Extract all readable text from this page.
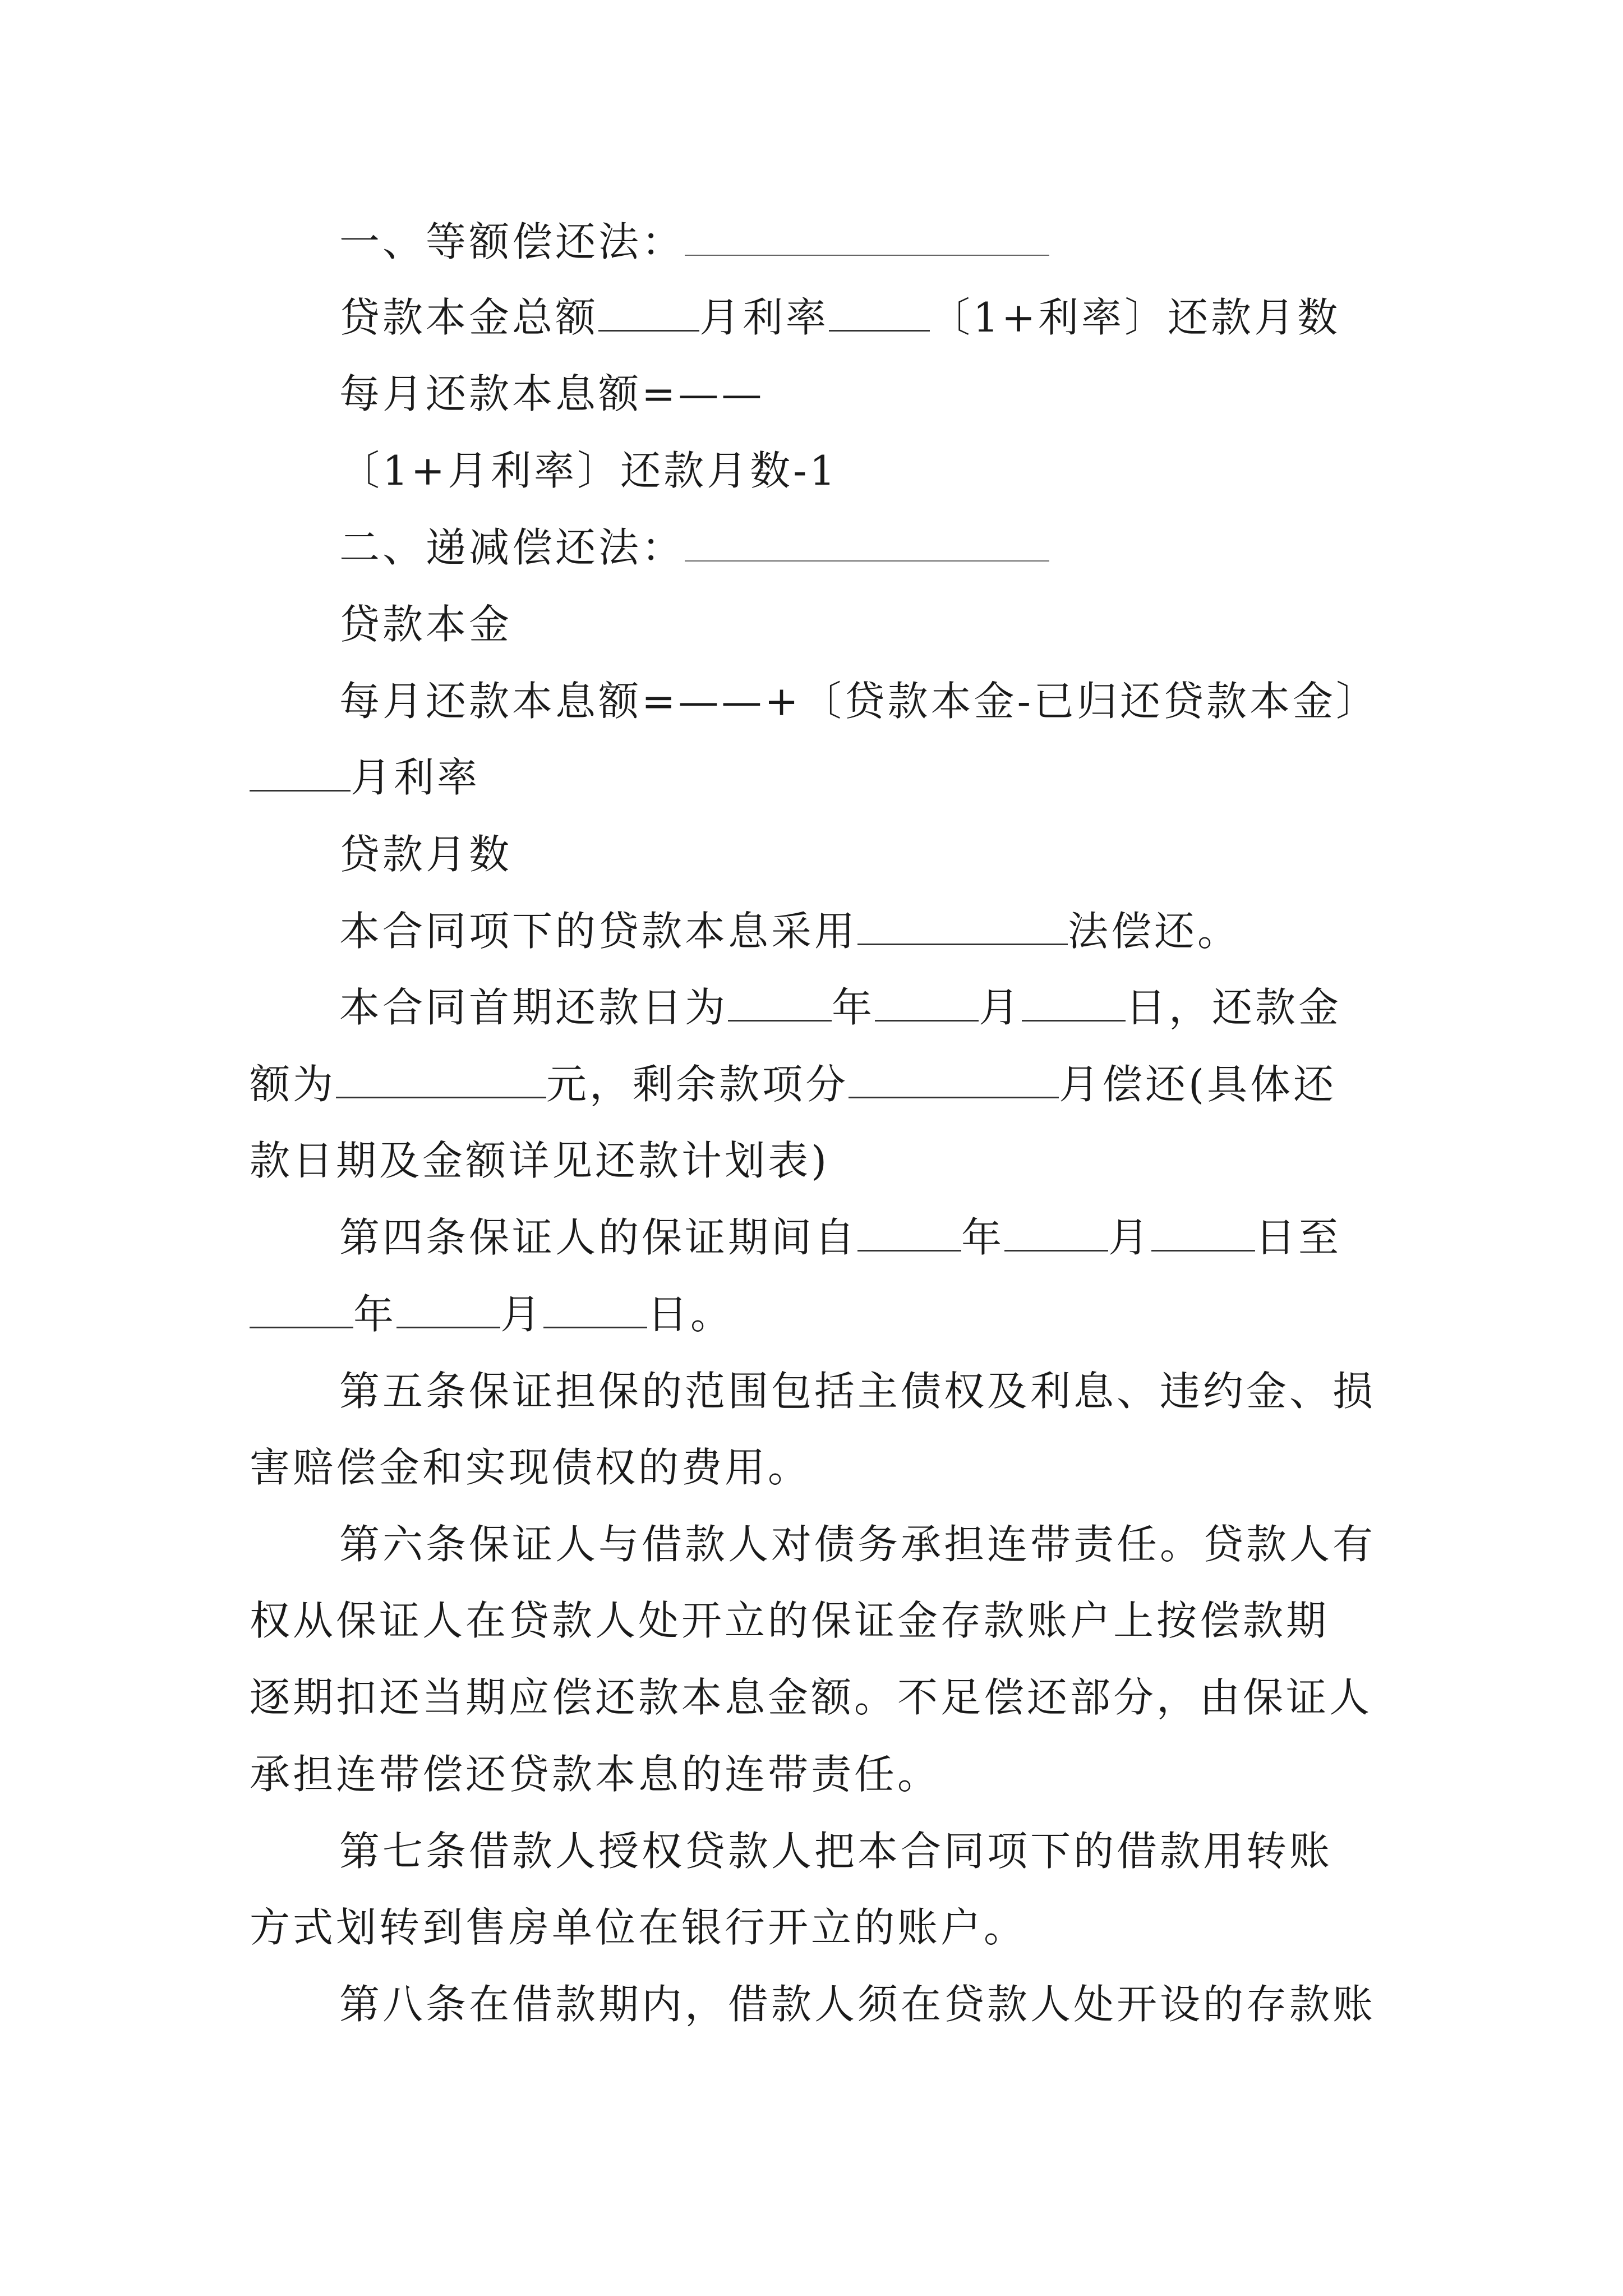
一、等额偿还法：
贷款本金总额	月利率	〔1+利率〕还款月数
每月还款本息额=——
〔1+月利率〕还款月数-1
二、递减偿还法：
贷款本金
每月还款本息额=——+〔贷款本金-已归还贷款本金〕
月利率
贷款月数
本合同项下的贷款本息采用	法偿还。
本合同首期还款日为	年	月	日，还款金
额为	元，剩余款项分	月偿还(具体还
款日期及金额详见还款计划表)
第四条保证人的保证期间自	年	月	日至
年	月	日。
第五条保证担保的范围包括主债权及利息、违约金、损
害赔偿金和实现债权的费用。
第六条保证人与借款人对债务承担连带责任。贷款人有
权从保证人在贷款人处开立的保证金存款账户上按偿款期
逐期扣还当期应偿还款本息金额。不足偿还部分，由保证人
承担连带偿还贷款本息的连带责任。
第七条借款人授权贷款人把本合同项下的借款用转账
方式划转到售房单位在银行开立的账户。
第八条在借款期内，借款人须在贷款人处开设的存款账
